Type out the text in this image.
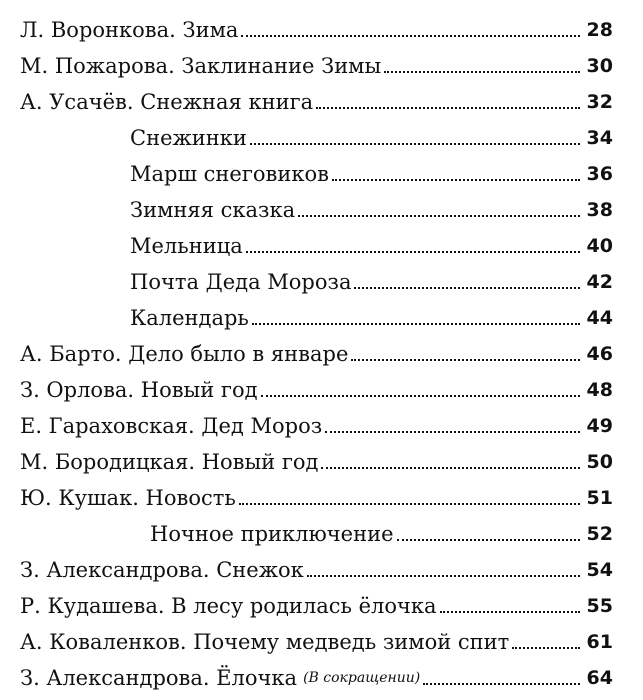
Л. Воронкова. Зима	28
М. Пожарова. Заклинание Зимы	30
А. Усачёв. Снежная книга	32
Снежинки	34
Марш снеговиков	36
Зимняя сказка	38
Мельница	40
Почта Деда Мороза	42
Календарь	44
А. Барто. Дело было в январе	46
З. Орлова. Новый год	48
Е. Гараховская. Дед Мороз	49
М. Бородицкая. Новый год	50
Ю. Кушак. Новость	51
Ночное приключение	52
З. Александрова. Снежок	54
Р. Кудашева. В лесу родилась ёлочка	55
А. Коваленков. Почему медведь зимой спит	61
З. Александрова. Ёлочка (В сокращении)	64
